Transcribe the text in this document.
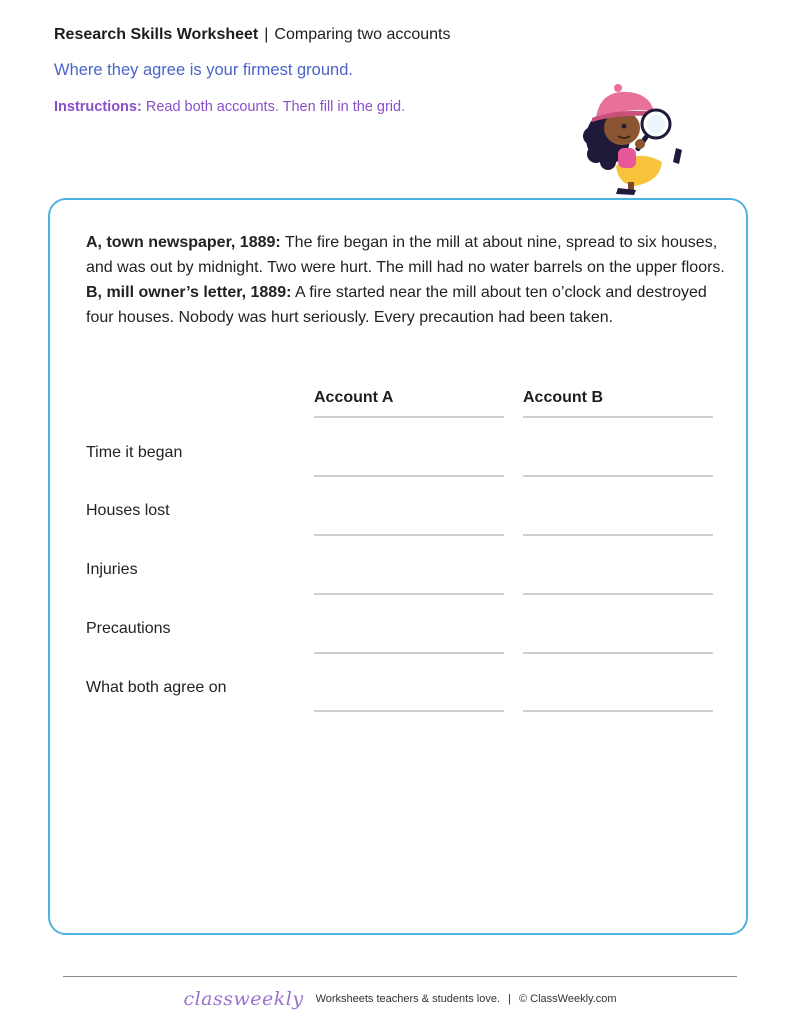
Research Skills Worksheet | Comparing two accounts
Where they agree is your firmest ground.
Instructions: Read both accounts. Then fill in the grid.

A, town newspaper, 1889: The fire began in the mill at about nine, spread to six houses, and was out by midnight. Two were hurt. The mill had no water barrels on the upper floors.

B, mill owner’s letter, 1889: A fire started near the mill about ten o’clock and destroyed four houses. Nobody was hurt seriously. Every precaution had been taken.

Account A	Account B
Time it began
Houses lost
Injuries
Precautions
What both agree on
classweekly Worksheets teachers & students love. | © ClassWeekly.com
